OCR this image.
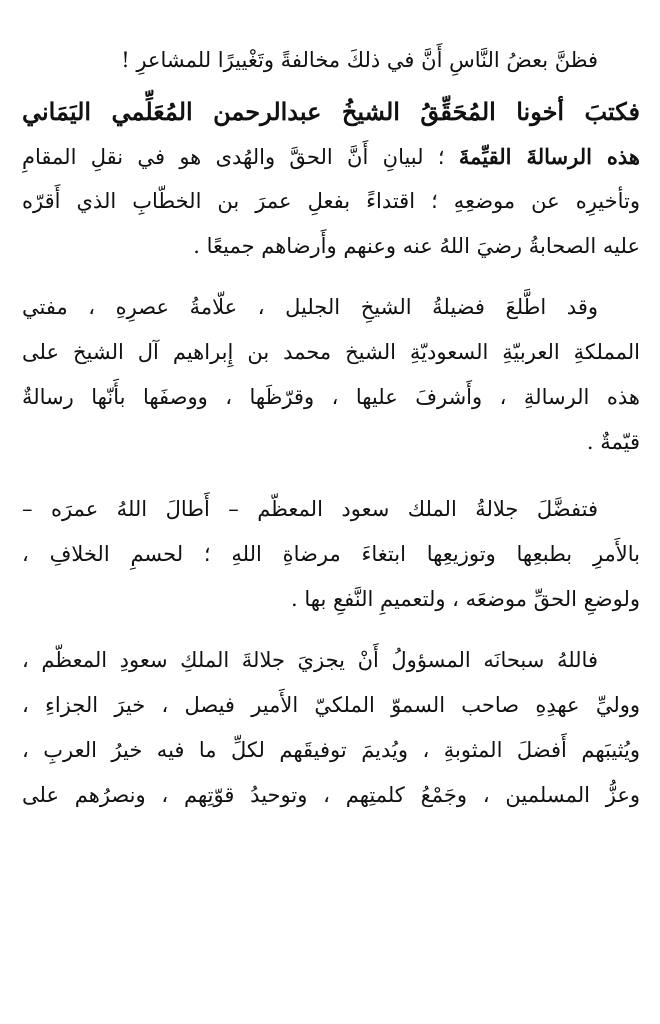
فظنَّ بعضُ النَّاسِ أَنَّ في ذلكَ مخالفةً وتَغْييرًا للمشاعرِ !
فكتبَ أخونا المُحَقِّقُ الشيخُ عبدالرحمن المُعَلِّمي اليَمَاني
هذه الرسالةَ القيِّمةَ ؛ لبيانِ أَنَّ الحقَّ والهُدى هو في نقلِ المقامِ
وتأخيرِه عن موضعِهِ ؛ اقتداءً بفعلِ عمرَ بن الخطّابِ الذي أَقرّه
عليه الصحابةُ رضيَ اللهُ عنه وعنهم وأَرضاهم جميعًا .
وقد اطَّلعَ فضيلةُ الشيخِ الجليل ، علّامةُ عصرِهِ ، مفتي
المملكةِ العربيّةِ السعوديّةِ الشيخ محمد بن إِبراهيم آل الشيخ على
هذه الرسالةِ ، وأَشرفَ عليها ، وقرّظَها ، ووصفَها بأَنّها رسالةٌ
قيّمةٌ .
فتفضَّلَ جلالةُ الملك سعود المعظّم – أَطالَ اللهُ عمرَه –
بالأَمرِ بطبعِها وتوزيعِها ابتغاءَ مرضاةِ اللهِ ؛ لحسمِ الخلافِ ،
ولوضعِ الحقِّ موضعَه ، ولتعميمِ النَّفعِ بها .
فاللهُ سبحانَه المسؤولُ أَنْ يجزيَ جلالةَ الملكِ سعودِ المعظّم ،
ووليِّ عهدِهِ صاحب السموّ الملكيّ الأَمير فيصل ، خيرَ الجزاءِ ،
ويُثيبَهم أَفضلَ المثوبةِ ، ويُديمَ توفيقَهم لكلِّ ما فيه خيرُ العربِ ،
وعزُّ المسلمين ، وجَمْعُ كلمتِهم ، وتوحيدُ قوّتِهم ، ونصرُهم على
